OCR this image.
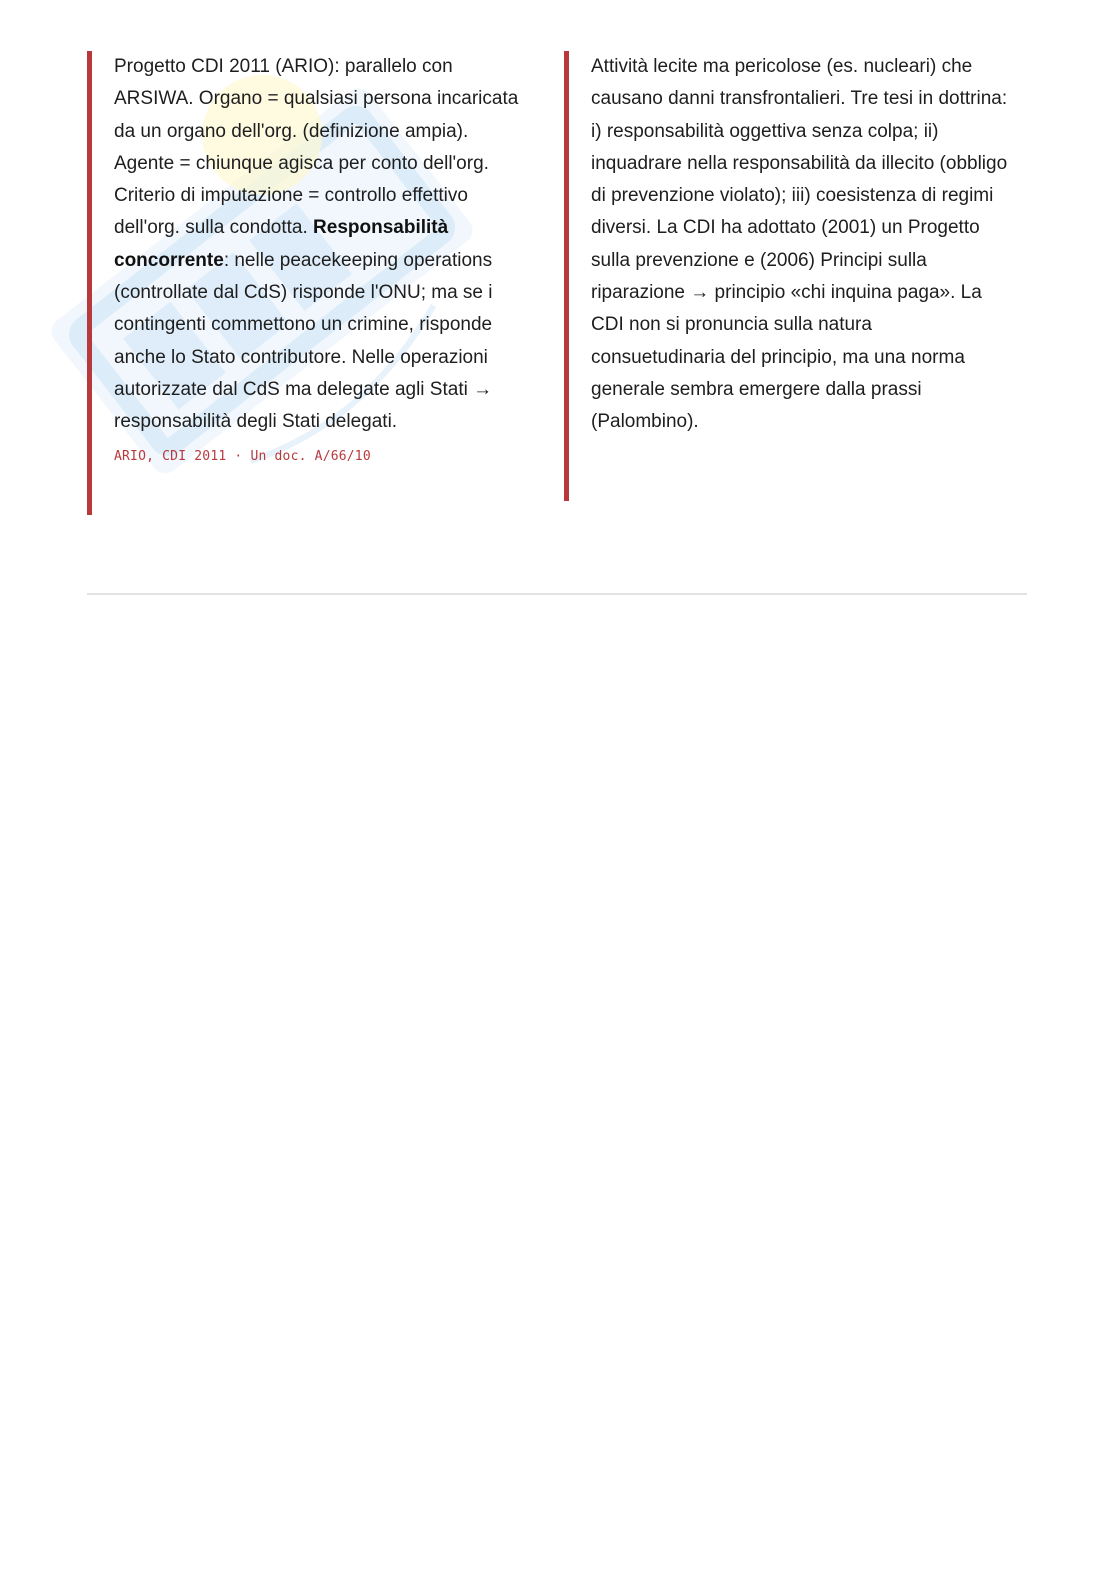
Progetto CDI 2011 (ARIO): parallelo con ARSIWA. Organo = qualsiasi persona incaricata da un organo dell'org. (definizione ampia). Agente = chiunque agisca per conto dell'org. Criterio di imputazione = controllo effettivo dell'org. sulla condotta. Responsabilità concorrente: nelle peacekeeping operations (controllate dal CdS) risponde l'ONU; ma se i contingenti commettono un crimine, risponde anche lo Stato contributore. Nelle operazioni autorizzate dal CdS ma delegate agli Stati → responsabilità degli Stati delegati.

ARIO, CDI 2011 · Un doc. A/66/10

Attività lecite ma pericolose (es. nucleari) che causano danni transfrontalieri. Tre tesi in dottrina: i) responsabilità oggettiva senza colpa; ii) inquadrare nella responsabilità da illecito (obbligo di prevenzione violato); iii) coesistenza di regimi diversi. La CDI ha adottato (2001) un Progetto sulla prevenzione e (2006) Principi sulla riparazione → principio «chi inquina paga». La CDI non si pronuncia sulla natura consuetudinaria del principio, ma una norma generale sembra emergere dalla prassi (Palombino).
